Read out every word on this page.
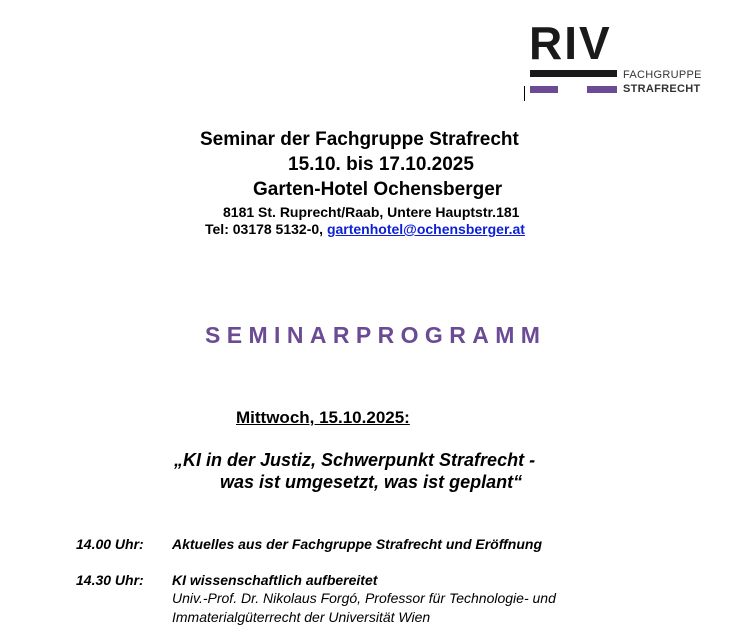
RIV
FACHGRUPPE
STRAFRECHT
Seminar der Fachgruppe Strafrecht
15.10. bis 17.10.2025
Garten-Hotel Ochensberger
8181 St. Ruprecht/Raab, Untere Hauptstr.181
Tel: 03178 5132-0, gartenhotel@ochensberger.at
SEMINARPROGRAMM
Mittwoch, 15.10.2025:
„KI in der Justiz, Schwerpunkt Strafrecht -
was ist umgesetzt, was ist geplant“
14.00 Uhr: Aktuelles aus der Fachgruppe Strafrecht und Eröffnung
14.30 Uhr: KI wissenschaftlich aufbereitet
Univ.-Prof. Dr. Nikolaus Forgó, Professor für Technologie- und
Immaterialgüterrecht der Universität Wien
